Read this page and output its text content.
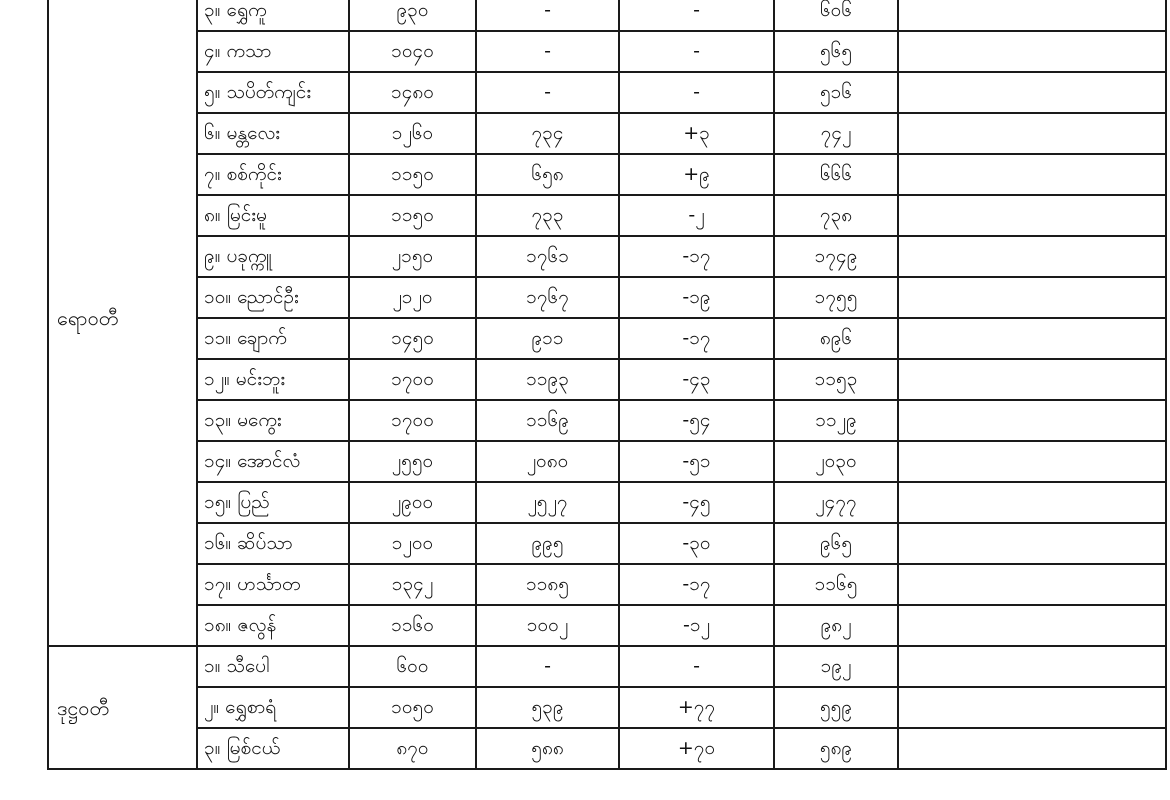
ရောဝတီ	၃။ ရွှေကူ	၉၃၀	-	-	၆၀၆	
	၄။ ကသာ	၁၀၄၀	-	-	၅၆၅	
	၅။ သပိတ်ကျင်း	၁၄၈၀	-	-	၅၁၆	
	၆။ မန္တလေး	၁၂၆၀	၇၃၄	+၃	၇၄၂	
	၇။ စစ်ကိုင်း	၁၁၅၀	၆၅၈	+၉	၆၆၆	
	၈။ မြင်းမူ	၁၁၅၀	၇၃၃	-၂	၇၃၈	
	၉။ ပခုက္ကူ	၂၁၅၀	၁၇၆၁	-၁၇	၁၇၄၉	
	၁၀။ ညောင်ဦး	၂၁၂၀	၁၇၆၇	-၁၉	၁၇၅၅	
	၁၁။ ချောက်	၁၄၅၀	၉၁၁	-၁၇	၈၉၆	
	၁၂။ မင်းဘူး	၁၇၀၀	၁၁၉၃	-၄၃	၁၁၅၃	
	၁၃။ မကွေး	၁၇၀၀	၁၁၆၉	-၅၄	၁၁၂၉	
	၁၄။ အောင်လံ	၂၅၅၀	၂၀၈၀	-၅၁	၂၀၃၀	
	၁၅။ ပြည်	၂၉၀၀	၂၅၂၇	-၄၅	၂၄၇၇	
	၁၆။ ဆိပ်သာ	၁၂၀၀	၉၉၅	-၃၀	၉၆၅	
	၁၇။ ဟင်္သာတ	၁၃၄၂	၁၁၈၅	-၁၇	၁၁၆၅	
	၁၈။ ဇလွန်	၁၁၆၀	၁၀၀၂	-၁၂	၉၈၂	
ဒုဋ္ဌဝတီ	၁။ သီပေါ	၆၀၀	-	-	၁၉၂	
	၂။ ရွှေစာရံ	၁၀၅၀	၅၃၉	+၇၇	၅၅၉	
	၃။ မြစ်ငယ်	၈၇၀	၅၈၈	+၇၀	၅၈၉	
